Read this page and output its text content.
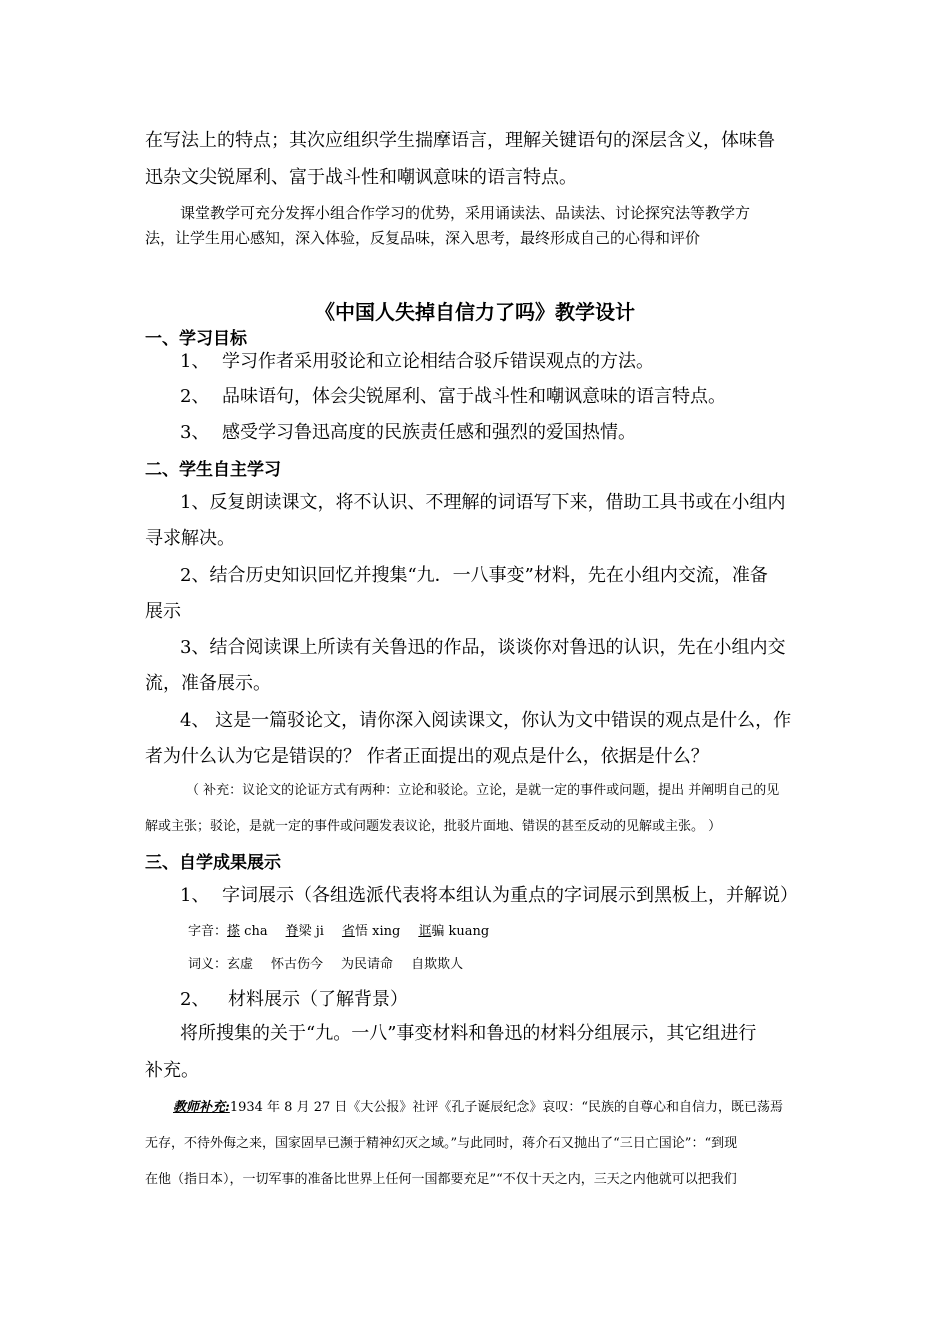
在写法上的特点；其次应组织学生揣摩语言，理解关键语句的深层含义，体味鲁
迅杂文尖锐犀利、富于战斗性和嘲讽意味的语言特点。
课堂教学可充分发挥小组合作学习的优势，采用诵读法、品读法、讨论探究法等教学方
法，让学生用心感知，深入体验，反复品味，深入思考，最终形成自己的心得和评价
《中国人失掉自信力了吗》教学设计
一、学习目标
1、 学习作者采用驳论和立论相结合驳斥错误观点的方法。
2、 品味语句，体会尖锐犀利、富于战斗性和嘲讽意味的语言特点。
3、 感受学习鲁迅高度的民族责任感和强烈的爱国热情。
二、学生自主学习
1、反复朗读课文，将不认识、不理解的词语写下来，借助工具书或在小组内
寻求解决。
2、结合历史知识回忆并搜集“九．一八事变”材料，先在小组内交流，准备
展示
3、结合阅读课上所读有关鲁迅的作品，谈谈你对鲁迅的认识，先在小组内交
流，准备展示。
4、 这是一篇驳论文，请你深入阅读课文，你认为文中错误的观点是什么，作
者为什么认为它是错误的？ 作者正面提出的观点是什么，依据是什么？
（ 补充：议论文的论证方式有两种：立论和驳论。立论，是就一定的事件或问题，提出 并阐明自己的见
解或主张；驳论，是就一定的事件或问题发表议论，批驳片面地、错误的甚至反动的见解或主张。 ）
三、自学成果展示
1、 字词展示（各组选派代表将本组认为重点的字词展示到黑板上，并解说）
字音：搽 cha 脊梁 ji 省悟 xing 诓骗 kuang
词义：玄虚 怀古伤今 为民请命 自欺欺人
2、 材料展示（了解背景）
将所搜集的关于“九。一八”事变材料和鲁迅的材料分组展示，其它组进行
补充。
教师补充:1934 年 8 月 27 日《大公报》社评《孔子诞辰纪念》哀叹：“民族的自尊心和自信力，既已荡焉
无存，不待外侮之来，国家固早已濒于精神幻灭之域。”与此同时，蒋介石又抛出了“三日亡国论”：“到现
在他（指日本），一切军事的准备比世界上任何一国都要充足”“不仅十天之内，三天之内他就可以把我们
